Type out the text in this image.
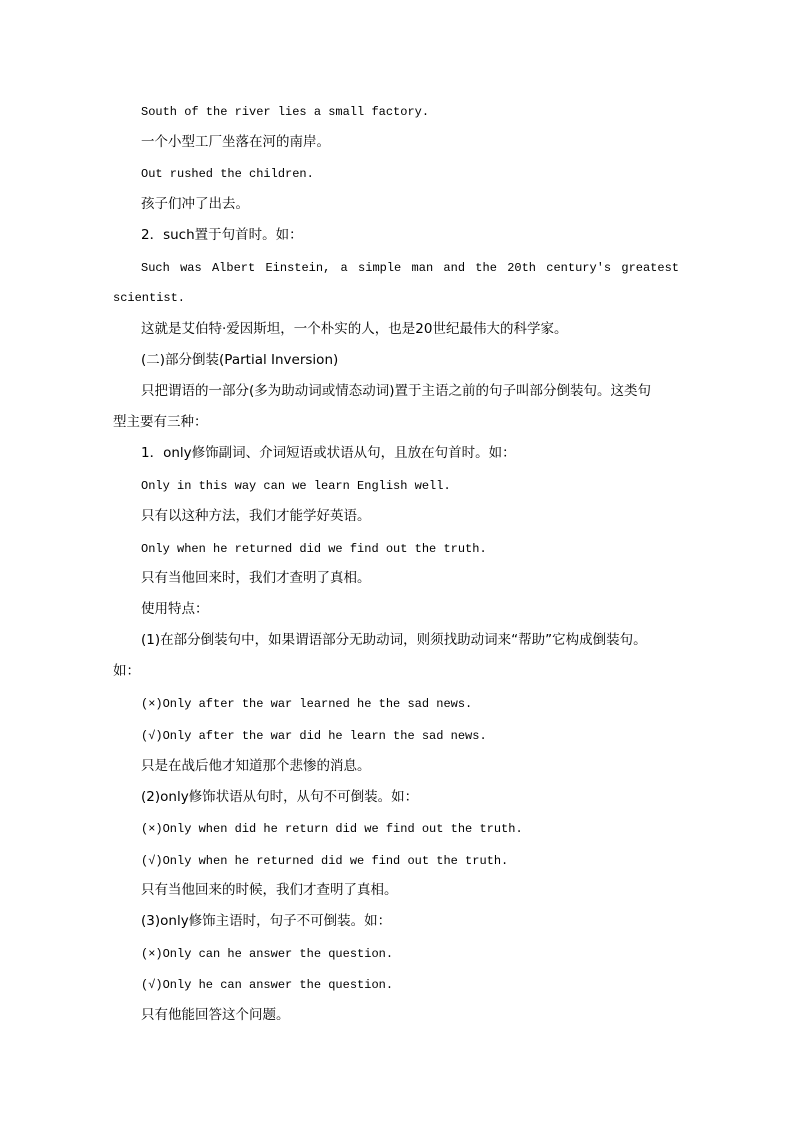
South of the river lies a small factory.
一个小型工厂坐落在河的南岸。
Out rushed the children.
孩子们冲了出去。
2．such置于句首时。如：
Such was Albert Einstein, a simple man and the 20th century's greatest
scientist.
这就是艾伯特·爱因斯坦，一个朴实的人，也是20世纪最伟大的科学家。
(二)部分倒装(Partial Inversion)
只把谓语的一部分(多为助动词或情态动词)置于主语之前的句子叫部分倒装句。这类句
型主要有三种：
1．only修饰副词、介词短语或状语从句，且放在句首时。如：
Only in this way can we learn English well.
只有以这种方法，我们才能学好英语。
Only when he returned did we find out the truth.
只有当他回来时，我们才查明了真相。
使用特点：
(1)在部分倒装句中，如果谓语部分无助动词，则须找助动词来“帮助”它构成倒装句。
如：
(×)Only after the war learned he the sad news.
(√)Only after the war did he learn the sad news.
只是在战后他才知道那个悲惨的消息。
(2)only修饰状语从句时，从句不可倒装。如：
(×)Only when did he return did we find out the truth.
(√)Only when he returned did we find out the truth.
只有当他回来的时候，我们才查明了真相。
(3)only修饰主语时，句子不可倒装。如：
(×)Only can he answer the question.
(√)Only he can answer the question.
只有他能回答这个问题。
